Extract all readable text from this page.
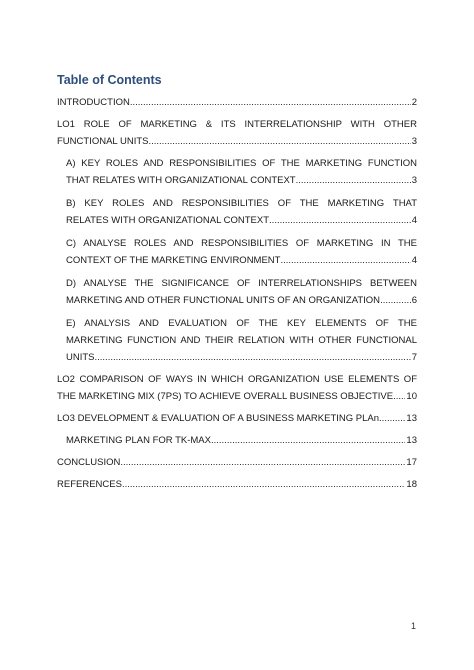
Table of Contents
INTRODUCTION .....	2
LO1 ROLE OF MARKETING & ITS INTERRELATIONSHIP WITH OTHER
FUNCTIONAL UNITS .....	3
A) KEY ROLES AND RESPONSIBILITIES OF THE MARKETING FUNCTION
THAT RELATES WITH ORGANIZATIONAL CONTEXT .....	3
B) KEY ROLES AND RESPONSIBILITIES OF THE MARKETING THAT
RELATES WITH ORGANIZATIONAL CONTEXT .....	4
C) ANALYSE ROLES AND RESPONSIBILITIES OF MARKETING IN THE
CONTEXT OF THE MARKETING ENVIRONMENT .....	4
D) ANALYSE THE SIGNIFICANCE OF INTERRELATIONSHIPS BETWEEN
MARKETING AND OTHER FUNCTIONAL UNITS OF AN ORGANIZATION .....	6
E) ANALYSIS AND EVALUATION OF THE KEY ELEMENTS OF THE
MARKETING FUNCTION AND THEIR RELATION WITH OTHER FUNCTIONAL
UNITS .....	7
LO2 COMPARISON OF WAYS IN WHICH ORGANIZATION USE ELEMENTS OF
THE MARKETING MIX (7PS) TO ACHIEVE OVERALL BUSINESS OBJECTIVE ..... 10
LO3 DEVELOPMENT & EVALUATION OF A BUSINESS MARKETING PLAn .....	13
MARKETING PLAN FOR TK-MAX .....	13
CONCLUSION .....	17
REFERENCES .....	18
1
